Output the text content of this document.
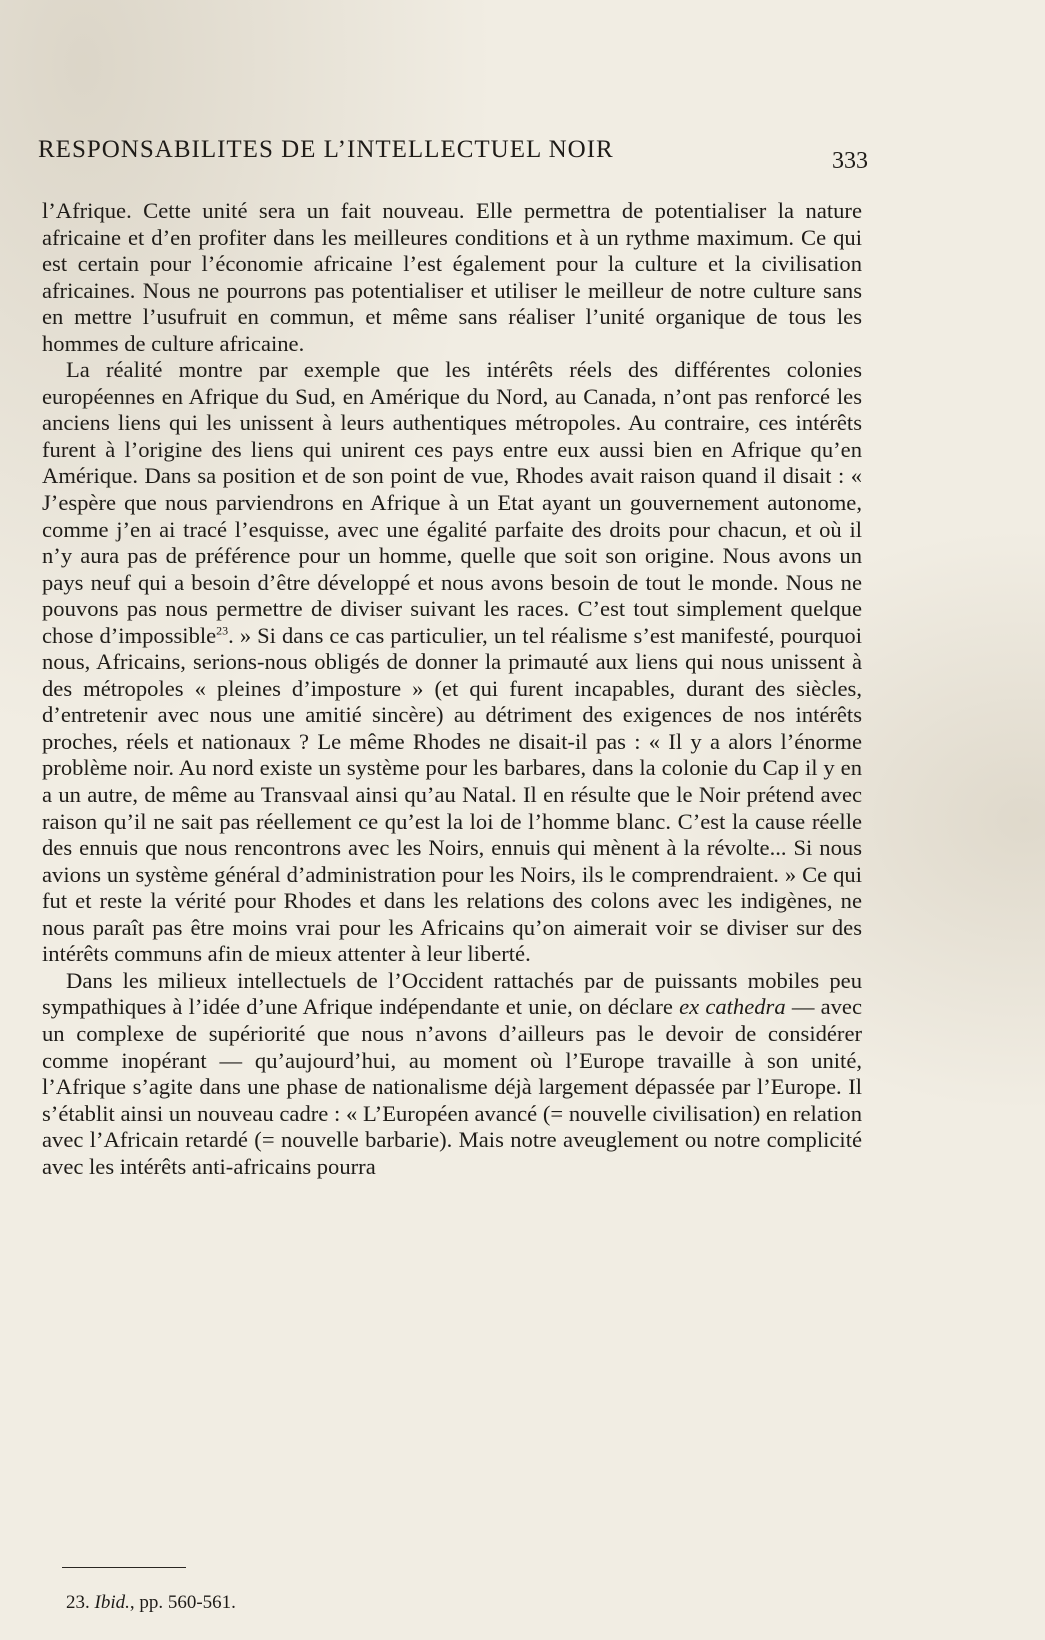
RESPONSABILITES DE L’INTELLECTUEL NOIR	333

l’Afrique. Cette unité sera un fait nouveau. Elle permettra de potentialiser la nature africaine et d’en profiter dans les meilleures conditions et à un rythme maximum. Ce qui est certain pour l’économie africaine l’est également pour la culture et la civilisation africaines. Nous ne pourrons pas potentialiser et utiliser le meilleur de notre culture sans en mettre l’usufruit en commun, et même sans réaliser l’unité organique de tous les hommes de culture africaine.

La réalité montre par exemple que les intérêts réels des différentes colonies européennes en Afrique du Sud, en Amérique du Nord, au Canada, n’ont pas renforcé les anciens liens qui les unissent à leurs authentiques métropoles. Au contraire, ces intérêts furent à l’origine des liens qui unirent ces pays entre eux aussi bien en Afrique qu’en Amérique. Dans sa position et de son point de vue, Rhodes avait raison quand il disait : « J’espère que nous parviendrons en Afrique à un Etat ayant un gouvernement autonome, comme j’en ai tracé l’esquisse, avec une égalité parfaite des droits pour chacun, et où il n’y aura pas de préférence pour un homme, quelle que soit son origine. Nous avons un pays neuf qui a besoin d’être développé et nous avons besoin de tout le monde. Nous ne pouvons pas nous permettre de diviser suivant les races. C’est tout simplement quelque chose d’impossible$^{23}$. » Si dans ce cas particulier, un tel réalisme s’est manifesté, pourquoi nous, Africains, serions-nous obligés de donner la primauté aux liens qui nous unissent à des métropoles « pleines d’imposture » (et qui furent incapables, durant des siècles, d’entretenir avec nous une amitié sincère) au détriment des exigences de nos intérêts proches, réels et nationaux ? Le même Rhodes ne disait-il pas : « Il y a alors l’énorme problème noir. Au nord existe un système pour les barbares, dans la colonie du Cap il y en a un autre, de même au Transvaal ainsi qu’au Natal. Il en résulte que le Noir prétend avec raison qu’il ne sait pas réellement ce qu’est la loi de l’homme blanc. C’est la cause réelle des ennuis que nous rencontrons avec les Noirs, ennuis qui mènent à la révolte... Si nous avions un système général d’administration pour les Noirs, ils le comprendraient. » Ce qui fut et reste la vérité pour Rhodes et dans les relations des colons avec les indigènes, ne nous paraît pas être moins vrai pour les Africains qu’on aimerait voir se diviser sur des intérêts communs afin de mieux attenter à leur liberté.

Dans les milieux intellectuels de l’Occident rattachés par de puissants mobiles peu sympathiques à l’idée d’une Afrique indépendante et unie, on déclare ex cathedra — avec un complexe de supériorité que nous n’avons d’ailleurs pas le devoir de considérer comme inopérant — qu’aujourd’hui, au moment où l’Europe travaille à son unité, l’Afrique s’agite dans une phase de nationalisme déjà largement dépassée par l’Europe. Il s’établit ainsi un nouveau cadre : « L’Européen avancé (= nouvelle civilisation) en relation avec l’Africain retardé (= nouvelle barbarie). Mais notre aveuglement ou notre complicité avec les intérêts anti-africains pourra

23. Ibid., pp. 560-561.
